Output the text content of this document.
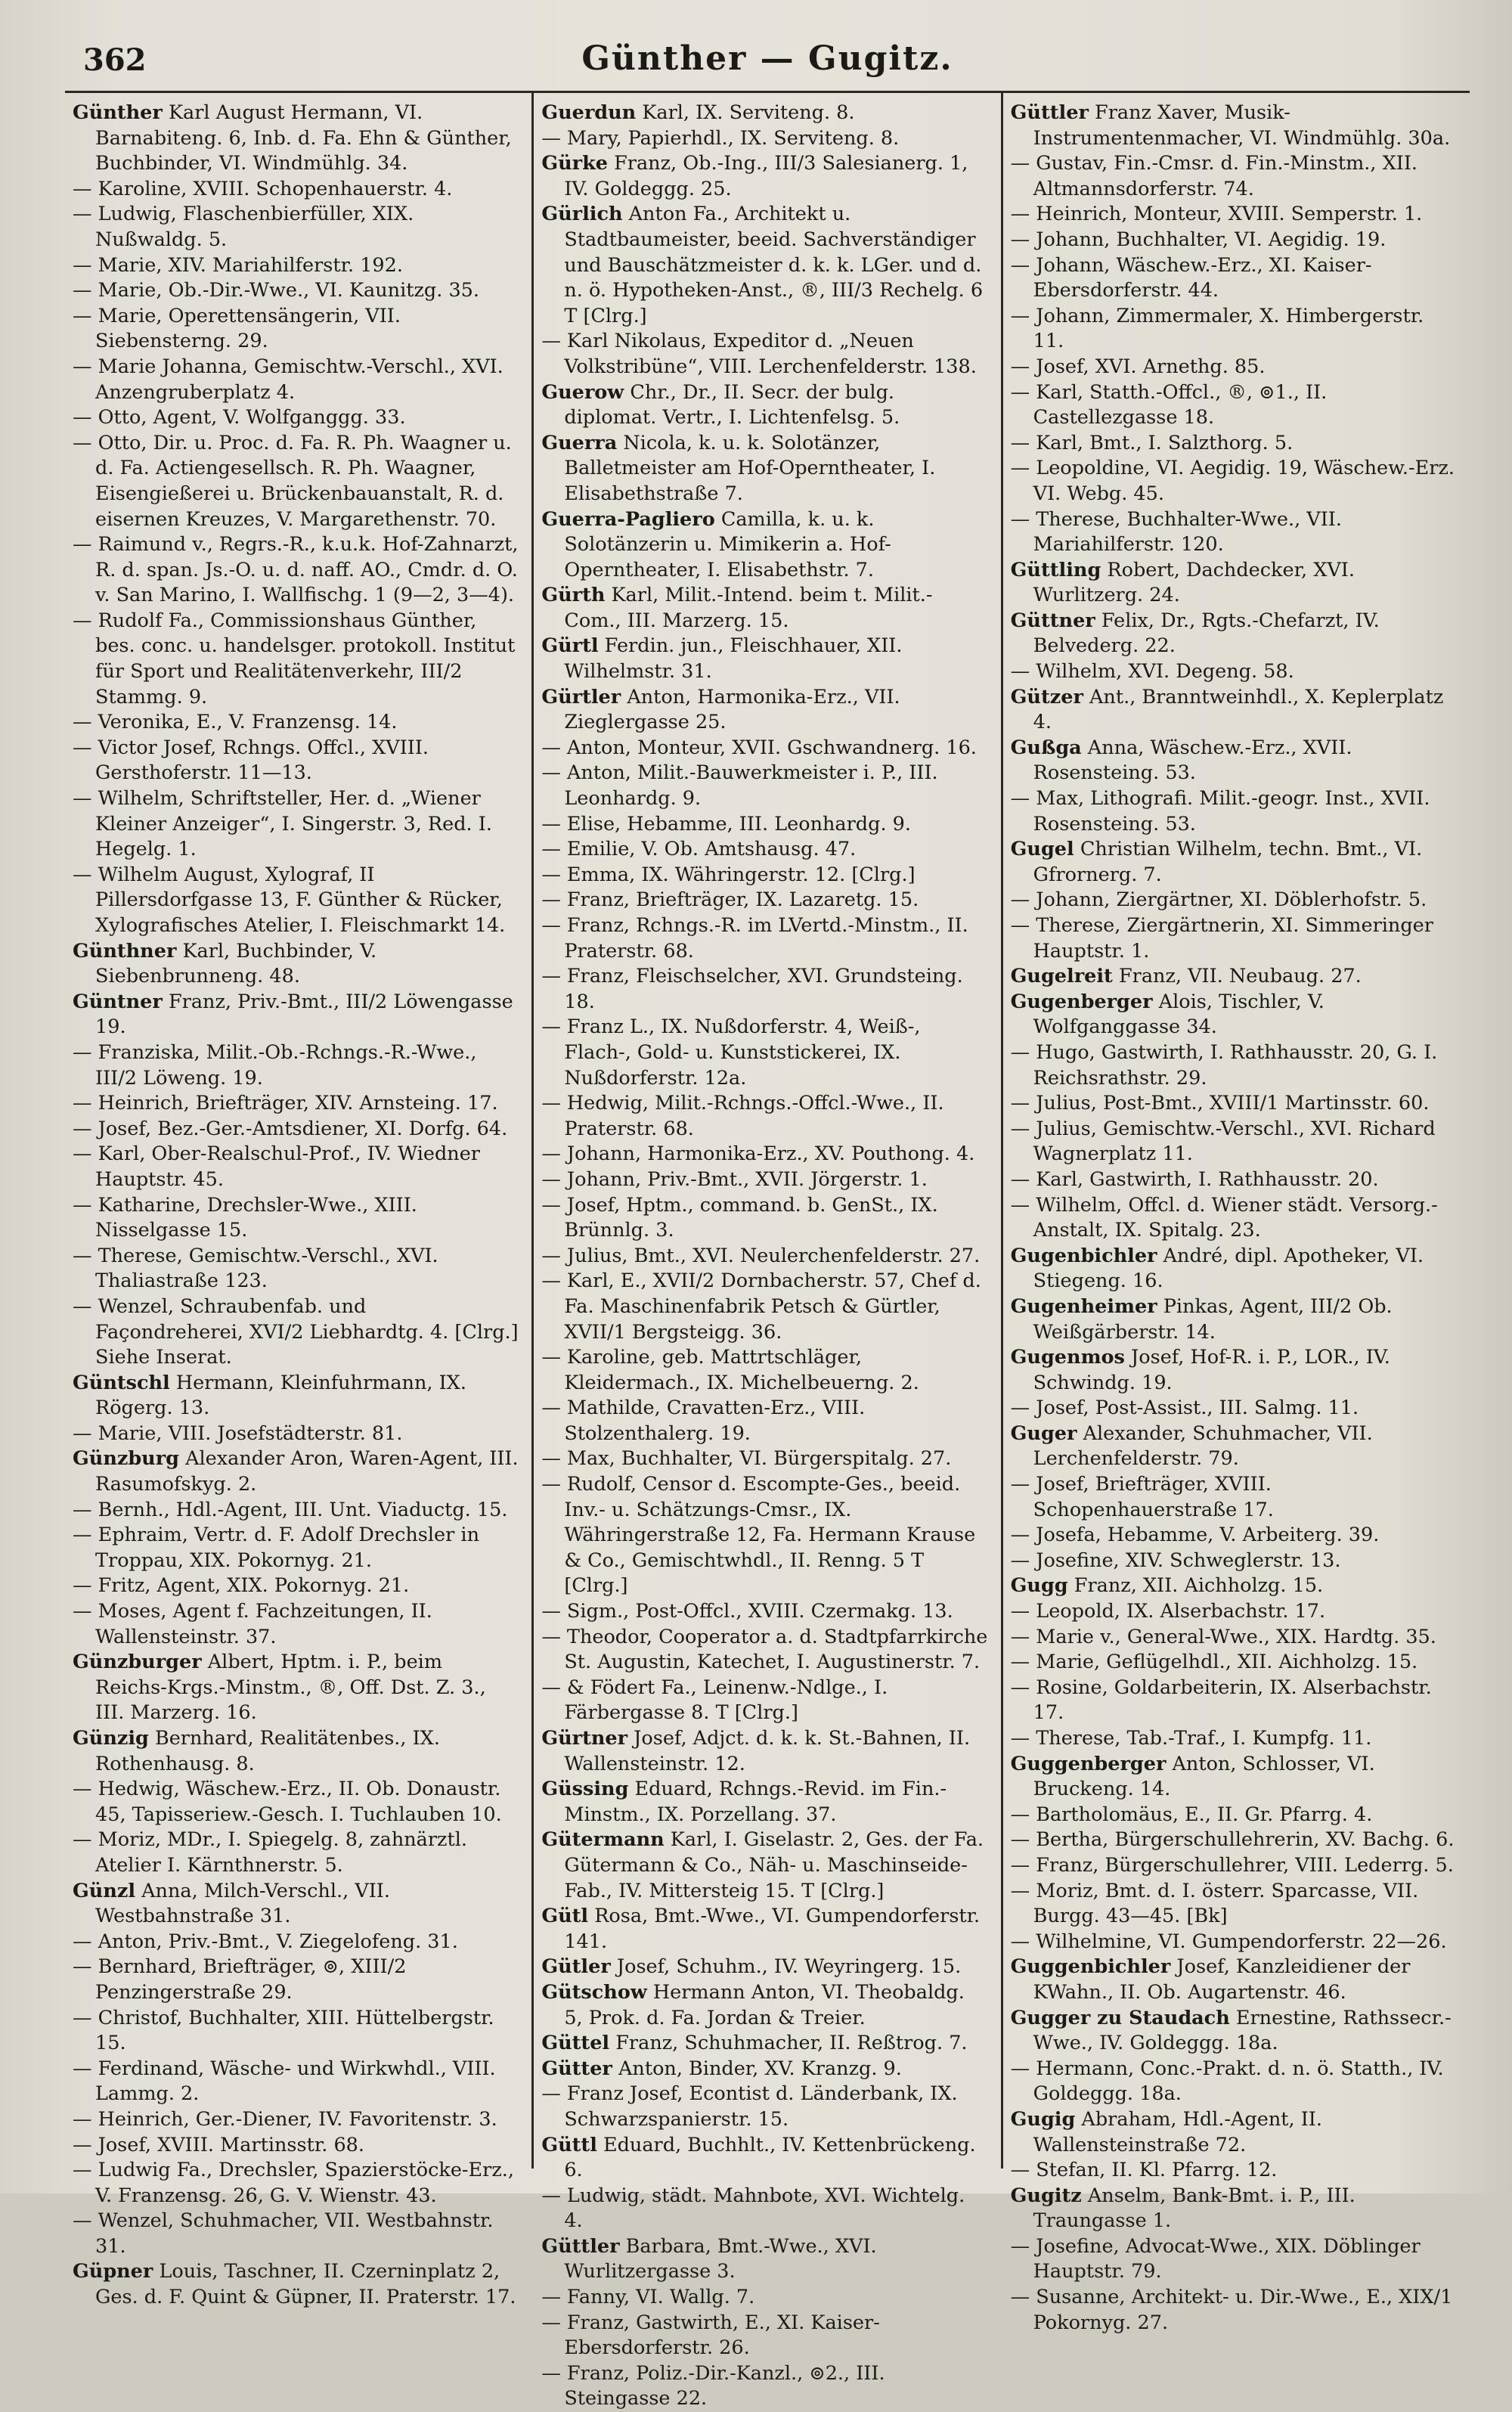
362	Günther — Gugitz.

Günther Karl August Hermann, VI. Barnabiteng. 6, Inb. d. Fa. Ehn & Günther, Buchbinder, VI. Windmühlg. 34.

— Karoline, XVIII. Schopenhauerstr. 4.

— Ludwig, Flaschenbierfüller, XIX. Nußwaldg. 5.

— Marie, XIV. Mariahilferstr. 192.

— Marie, Ob.-Dir.-Wwe., VI. Kaunitzg. 35.

— Marie, Operettensängerin, VII. Siebensterng. 29.

— Marie Johanna, Gemischtw.-Verschl., XVI. Anzengruberplatz 4.

— Otto, Agent, V. Wolfganggg. 33.

— Otto, Dir. u. Proc. d. Fa. R. Ph. Waagner u. d. Fa. Actiengesellsch. R. Ph. Waagner, Eisengießerei u. Brückenbauanstalt, R. d. eisernen Kreuzes, V. Margarethenstr. 70.

— Raimund v., Regrs.-R., k.u.k. Hof-Zahnarzt, R. d. span. Js.-O. u. d. naff. AO., Cmdr. d. O. v. San Marino, I. Wallfischg. 1 (9—2, 3—4).

— Rudolf Fa., Commissionshaus Günther, bes. conc. u. handelsger. protokoll. Institut für Sport und Realitätenverkehr, III/2 Stammg. 9.

— Veronika, E., V. Franzensg. 14.

— Victor Josef, Rchngs. Offcl., XVIII. Gersthoferstr. 11—13.

— Wilhelm, Schriftsteller, Her. d. „Wiener Kleiner Anzeiger“, I. Singerstr. 3, Red. I. Hegelg. 1.

— Wilhelm August, Xylograf, II Pillersdorfgasse 13, F. Günther & Rücker, Xylografisches Atelier, I. Fleischmarkt 14.

Günthner Karl, Buchbinder, V. Siebenbrunneng. 48.

Güntner Franz, Priv.-Bmt., III/2 Löwengasse 19.

— Franziska, Milit.-Ob.-Rchngs.-R.-Wwe., III/2 Löweng. 19.

— Heinrich, Briefträger, XIV. Arnsteing. 17.

— Josef, Bez.-Ger.-Amtsdiener, XI. Dorfg. 64.

— Karl, Ober-Realschul-Prof., IV. Wiedner Hauptstr. 45.

— Katharine, Drechsler-Wwe., XIII. Nisselgasse 15.

— Therese, Gemischtw.-Verschl., XVI. Thaliastraße 123.

— Wenzel, Schraubenfab. und Façondreherei, XVI/2 Liebhardtg. 4. [Clrg.] Siehe Inserat.

Güntschl Hermann, Kleinfuhrmann, IX. Rögerg. 13.

— Marie, VIII. Josefstädterstr. 81.

Günzburg Alexander Aron, Waren-Agent, III. Rasumofskyg. 2.

— Bernh., Hdl.-Agent, III. Unt. Viaductg. 15.

— Ephraim, Vertr. d. F. Adolf Drechsler in Troppau, XIX. Pokornyg. 21.

— Fritz, Agent, XIX. Pokornyg. 21.

— Moses, Agent f. Fachzeitungen, II. Wallensteinstr. 37.

Günzburger Albert, Hptm. i. P., beim Reichs-Krgs.-Minstm., ®, Off. Dst. Z. 3., III. Marzerg. 16.

Günzig Bernhard, Realitätenbes., IX. Rothenhausg. 8.

— Hedwig, Wäschew.-Erz., II. Ob. Donaustr. 45, Tapisseriew.-Gesch. I. Tuchlauben 10.

— Moriz, MDr., I. Spiegelg. 8, zahnärztl. Atelier I. Kärnthnerstr. 5.

Günzl Anna, Milch-Verschl., VII. Westbahnstraße 31.

— Anton, Priv.-Bmt., V. Ziegelofeng. 31.

— Bernhard, Briefträger, ⊚, XIII/2 Penzingerstraße 29.

— Christof, Buchhalter, XIII. Hüttelbergstr. 15.

— Ferdinand, Wäsche- und Wirkwhdl., VIII. Lammg. 2.

— Heinrich, Ger.-Diener, IV. Favoritenstr. 3.

— Josef, XVIII. Martinsstr. 68.

— Ludwig Fa., Drechsler, Spazierstöcke-Erz., V. Franzensg. 26, G. V. Wienstr. 43.

— Wenzel, Schuhmacher, VII. Westbahnstr. 31.

Güpner Louis, Taschner, II. Czerninplatz 2, Ges. d. F. Quint & Güpner, II. Praterstr. 17.

Guerdun Karl, IX. Serviteng. 8.

— Mary, Papierhdl., IX. Serviteng. 8.

Gürke Franz, Ob.-Ing., III/3 Salesianerg. 1, IV. Goldeggg. 25.

Gürlich Anton Fa., Architekt u. Stadtbaumeister, beeid. Sachverständiger und Bauschätzmeister d. k. k. LGer. und d. n. ö. Hypotheken-Anst., ®, III/3 Rechelg. 6 T [Clrg.]

— Karl Nikolaus, Expeditor d. „Neuen Volkstribüne“, VIII. Lerchenfelderstr. 138.

Guerow Chr., Dr., II. Secr. der bulg. diplomat. Vertr., I. Lichtenfelsg. 5.

Guerra Nicola, k. u. k. Solotänzer, Balletmeister am Hof-Operntheater, I. Elisabethstraße 7.

Guerra-Pagliero Camilla, k. u. k. Solotänzerin u. Mimikerin a. Hof-Operntheater, I. Elisabethstr. 7.

Gürth Karl, Milit.-Intend. beim t. Milit.-Com., III. Marzerg. 15.

Gürtl Ferdin. jun., Fleischhauer, XII. Wilhelmstr. 31.

Gürtler Anton, Harmonika-Erz., VII. Zieglergasse 25.

— Anton, Monteur, XVII. Gschwandnerg. 16.

— Anton, Milit.-Bauwerkmeister i. P., III. Leonhardg. 9.

— Elise, Hebamme, III. Leonhardg. 9.

— Emilie, V. Ob. Amtshausg. 47.

— Emma, IX. Währingerstr. 12. [Clrg.]

— Franz, Briefträger, IX. Lazaretg. 15.

— Franz, Rchngs.-R. im LVertd.-Minstm., II. Praterstr. 68.

— Franz, Fleischselcher, XVI. Grundsteing. 18.

— Franz L., IX. Nußdorferstr. 4, Weiß-, Flach-, Gold- u. Kunststickerei, IX. Nußdorferstr. 12a.

— Hedwig, Milit.-Rchngs.-Offcl.-Wwe., II. Praterstr. 68.

— Johann, Harmonika-Erz., XV. Pouthong. 4.

— Johann, Priv.-Bmt., XVII. Jörgerstr. 1.

— Josef, Hptm., command. b. GenSt., IX. Brünnlg. 3.

— Julius, Bmt., XVI. Neulerchenfelderstr. 27.

— Karl, E., XVII/2 Dornbacherstr. 57, Chef d. Fa. Maschinenfabrik Petsch & Gürtler, XVII/1 Bergsteigg. 36.

— Karoline, geb. Mattrtschläger, Kleidermach., IX. Michelbeuerng. 2.

— Mathilde, Cravatten-Erz., VIII. Stolzenthalerg. 19.

— Max, Buchhalter, VI. Bürgerspitalg. 27.

— Rudolf, Censor d. Escompte-Ges., beeid. Inv.- u. Schätzungs-Cmsr., IX. Währingerstraße 12, Fa. Hermann Krause & Co., Gemischtwhdl., II. Renng. 5 T [Clrg.]

— Sigm., Post-Offcl., XVIII. Czermakg. 13.

— Theodor, Cooperator a. d. Stadtpfarrkirche St. Augustin, Katechet, I. Augustinerstr. 7.

— & Födert Fa., Leinenw.-Ndlge., I. Färbergasse 8. T [Clrg.]

Gürtner Josef, Adjct. d. k. k. St.-Bahnen, II. Wallensteinstr. 12.

Güssing Eduard, Rchngs.-Revid. im Fin.-Minstm., IX. Porzellang. 37.

Gütermann Karl, I. Giselastr. 2, Ges. der Fa. Gütermann & Co., Näh- u. Maschinseide-Fab., IV. Mittersteig 15. T [Clrg.]

Gütl Rosa, Bmt.-Wwe., VI. Gumpendorferstr. 141.

Gütler Josef, Schuhm., IV. Weyringerg. 15.

Gütschow Hermann Anton, VI. Theobaldg. 5, Prok. d. Fa. Jordan & Treier.

Güttel Franz, Schuhmacher, II. Reßtrog. 7.

Gütter Anton, Binder, XV. Kranzg. 9.

— Franz Josef, Econtist d. Länderbank, IX. Schwarzspanierstr. 15.

Güttl Eduard, Buchhlt., IV. Kettenbrückeng. 6.

— Ludwig, städt. Mahnbote, XVI. Wichtelg. 4.

Güttler Barbara, Bmt.-Wwe., XVI. Wurlitzergasse 3.

— Fanny, VI. Wallg. 7.

— Franz, Gastwirth, E., XI. Kaiser-Ebersdorferstr. 26.

— Franz, Poliz.-Dir.-Kanzl., ⊚2., III. Steingasse 22.

Güttler Franz Xaver, Musik-Instrumentenmacher, VI. Windmühlg. 30a.

— Gustav, Fin.-Cmsr. d. Fin.-Minstm., XII. Altmannsdorferstr. 74.

— Heinrich, Monteur, XVIII. Semperstr. 1.

— Johann, Buchhalter, VI. Aegidig. 19.

— Johann, Wäschew.-Erz., XI. Kaiser-Ebersdorferstr. 44.

— Johann, Zimmermaler, X. Himbergerstr. 11.

— Josef, XVI. Arnethg. 85.

— Karl, Statth.-Offcl., ®, ⊚1., II. Castellezgasse 18.

— Karl, Bmt., I. Salzthorg. 5.

— Leopoldine, VI. Aegidig. 19, Wäschew.-Erz. VI. Webg. 45.

— Therese, Buchhalter-Wwe., VII. Mariahilferstr. 120.

Güttling Robert, Dachdecker, XVI. Wurlitzerg. 24.

Güttner Felix, Dr., Rgts.-Chefarzt, IV. Belvederg. 22.

— Wilhelm, XVI. Degeng. 58.

Gützer Ant., Branntweinhdl., X. Keplerplatz 4.

Gußga Anna, Wäschew.-Erz., XVII. Rosensteing. 53.

— Max, Lithografi. Milit.-geogr. Inst., XVII. Rosensteing. 53.

Gugel Christian Wilhelm, techn. Bmt., VI. Gfrornerg. 7.

— Johann, Ziergärtner, XI. Döblerhofstr. 5.

— Therese, Ziergärtnerin, XI. Simmeringer Hauptstr. 1.

Gugelreit Franz, VII. Neubaug. 27.

Gugenberger Alois, Tischler, V. Wolfganggasse 34.

— Hugo, Gastwirth, I. Rathhausstr. 20, G. I. Reichsrathstr. 29.

— Julius, Post-Bmt., XVIII/1 Martinsstr. 60.

— Julius, Gemischtw.-Verschl., XVI. Richard Wagnerplatz 11.

— Karl, Gastwirth, I. Rathhausstr. 20.

— Wilhelm, Offcl. d. Wiener städt. Versorg.-Anstalt, IX. Spitalg. 23.

Gugenbichler André, dipl. Apotheker, VI. Stiegeng. 16.

Gugenheimer Pinkas, Agent, III/2 Ob. Weißgärberstr. 14.

Gugenmos Josef, Hof-R. i. P., LOR., IV. Schwindg. 19.

— Josef, Post-Assist., III. Salmg. 11.

Guger Alexander, Schuhmacher, VII. Lerchenfelderstr. 79.

— Josef, Briefträger, XVIII. Schopenhauerstraße 17.

— Josefa, Hebamme, V. Arbeiterg. 39.

— Josefine, XIV. Schweglerstr. 13.

Gugg Franz, XII. Aichholzg. 15.

— Leopold, IX. Alserbachstr. 17.

— Marie v., General-Wwe., XIX. Hardtg. 35.

— Marie, Geflügelhdl., XII. Aichholzg. 15.

— Rosine, Goldarbeiterin, IX. Alserbachstr. 17.

— Therese, Tab.-Traf., I. Kumpfg. 11.

Guggenberger Anton, Schlosser, VI. Bruckeng. 14.

— Bartholomäus, E., II. Gr. Pfarrg. 4.

— Bertha, Bürgerschullehrerin, XV. Bachg. 6.

— Franz, Bürgerschullehrer, VIII. Lederrg. 5.

— Moriz, Bmt. d. I. österr. Sparcasse, VII. Burgg. 43—45. [Bk]

— Wilhelmine, VI. Gumpendorferstr. 22—26.

Guggenbichler Josef, Kanzleidiener der KWahn., II. Ob. Augartenstr. 46.

Gugger zu Staudach Ernestine, Rathssecr.-Wwe., IV. Goldeggg. 18a.

— Hermann, Conc.-Prakt. d. n. ö. Statth., IV. Goldeggg. 18a.

Gugig Abraham, Hdl.-Agent, II. Wallensteinstraße 72.

— Stefan, II. Kl. Pfarrg. 12.

Gugitz Anselm, Bank-Bmt. i. P., III. Traungasse 1.

— Josefine, Advocat-Wwe., XIX. Döblinger Hauptstr. 79.

— Susanne, Architekt- u. Dir.-Wwe., E., XIX/1 Pokornyg. 27.
